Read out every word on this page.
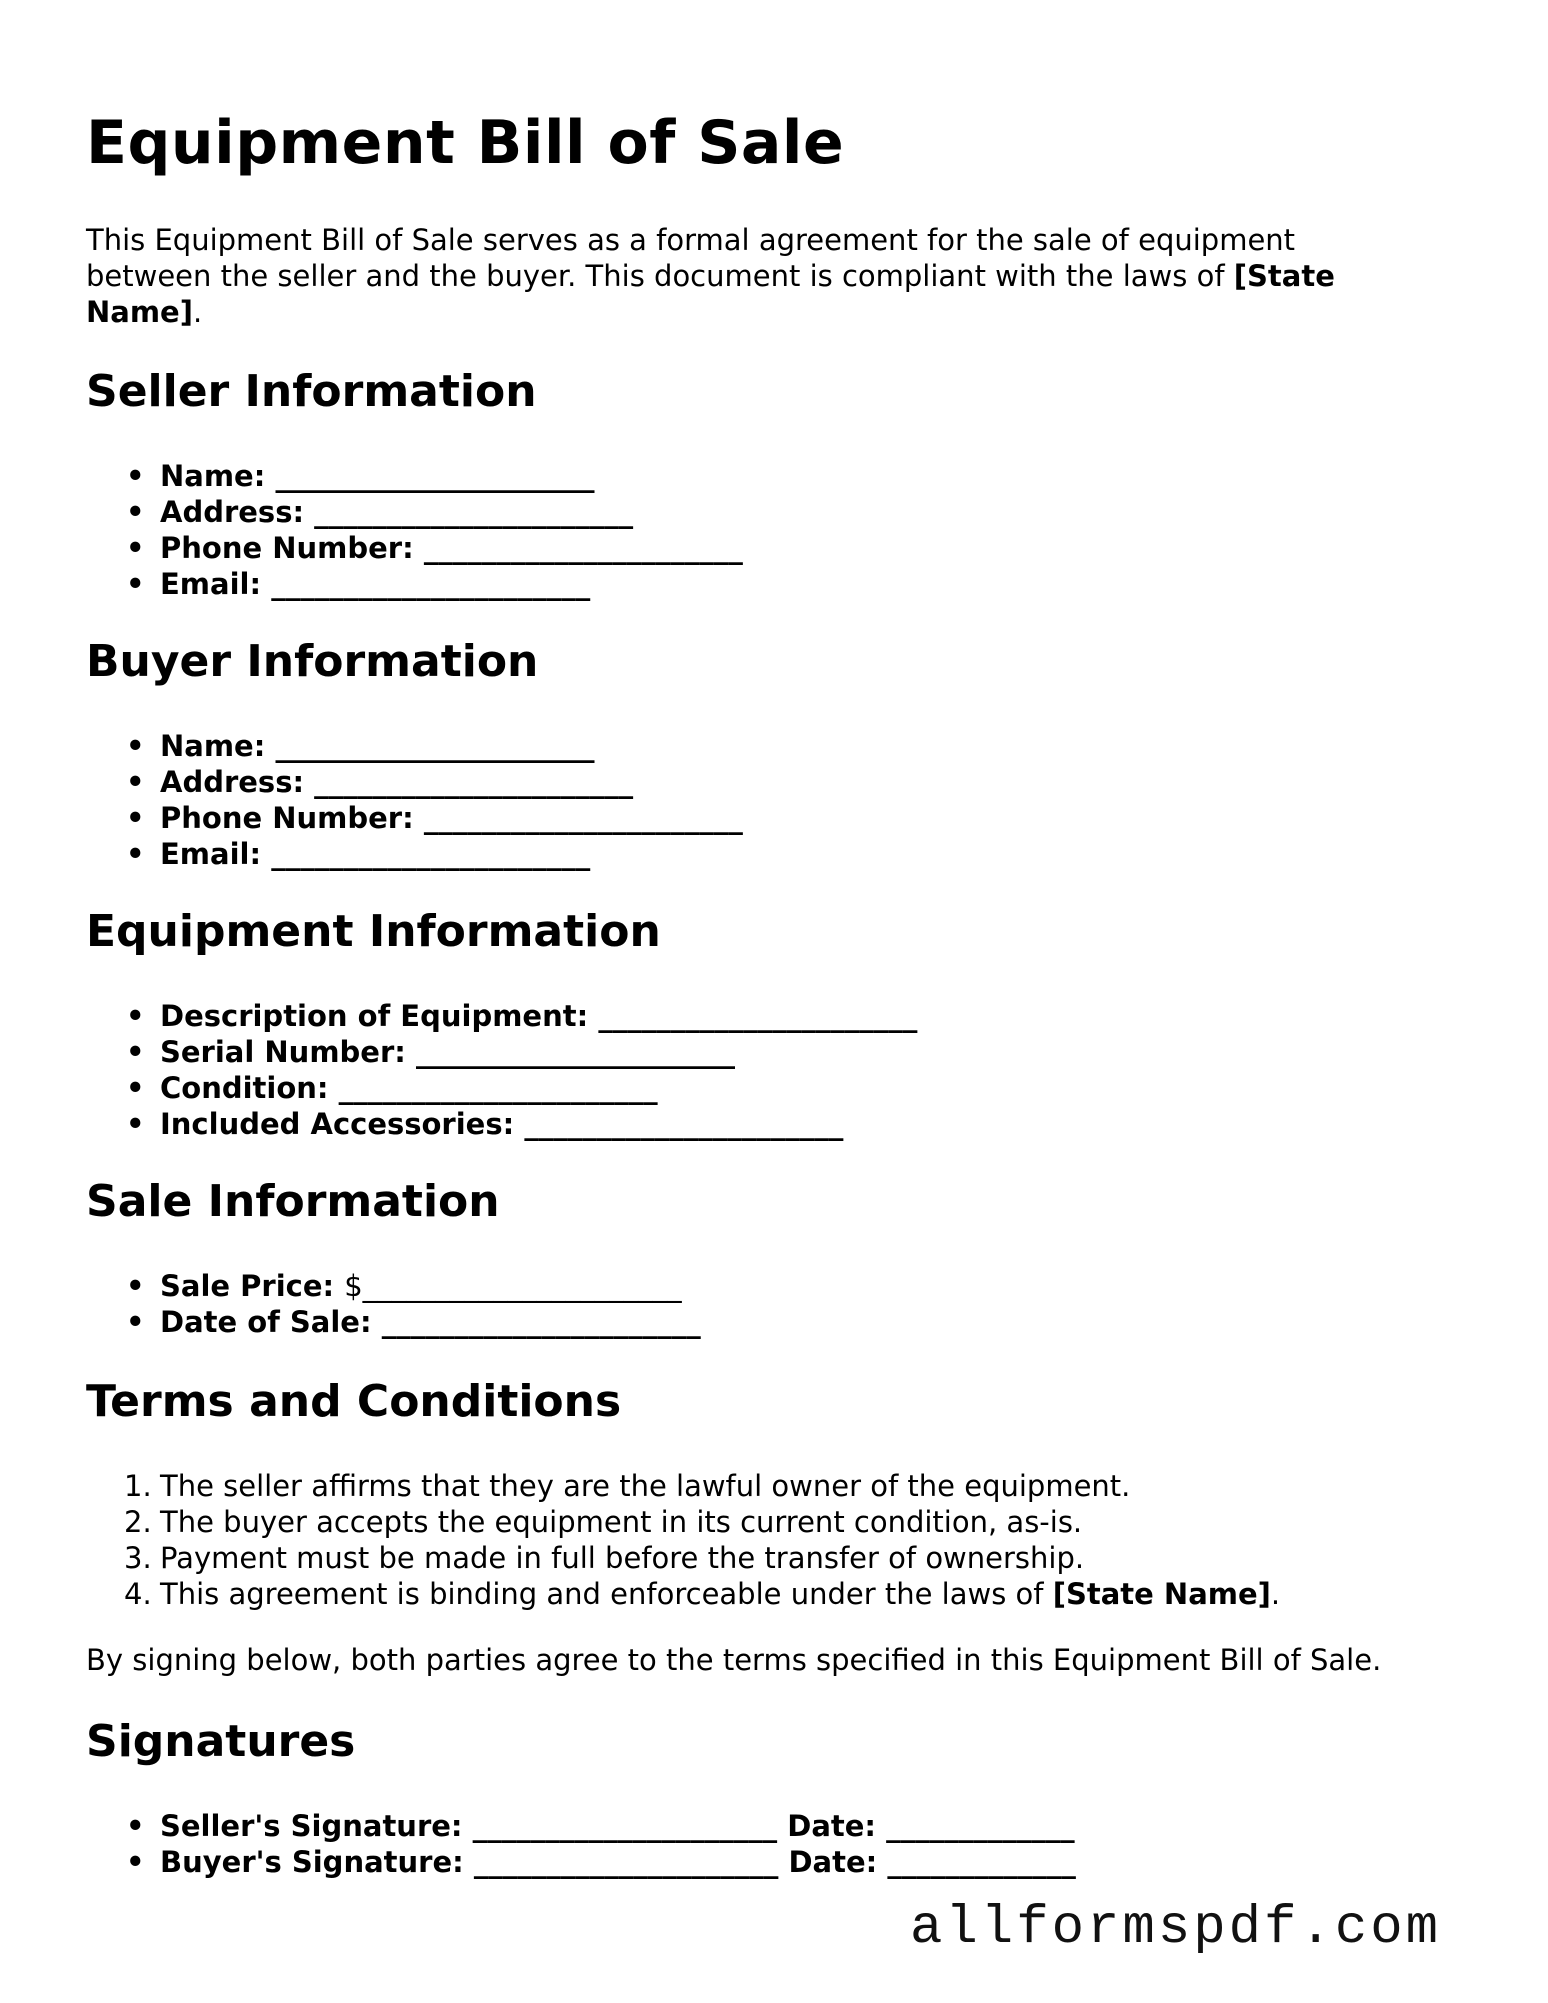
Equipment Bill of Sale

This Equipment Bill of Sale serves as a formal agreement for the sale of equipment between the seller and the buyer. This document is compliant with the laws of [State Name].

Seller Information
• Name: ______________________
• Address: ______________________
• Phone Number: ______________________
• Email: ______________________
Buyer Information
• Name: ______________________
• Address: ______________________
• Phone Number: ______________________
• Email: ______________________
Equipment Information
• Description of Equipment: ______________________
• Serial Number: ______________________
• Condition: ______________________
• Included Accessories: ______________________
Sale Information
• Sale Price: $______________________
• Date of Sale: ______________________
Terms and Conditions
1. The seller affirms that they are the lawful owner of the equipment.
2. The buyer accepts the equipment in its current condition, as-is.
3. Payment must be made in full before the transfer of ownership.
4. This agreement is binding and enforceable under the laws of [State Name].

By signing below, both parties agree to the terms specified in this Equipment Bill of Sale.

Signatures
• Seller's Signature: _____________________ Date: _____________
• Buyer's Signature: _____________________ Date: _____________
allformspdf.com
